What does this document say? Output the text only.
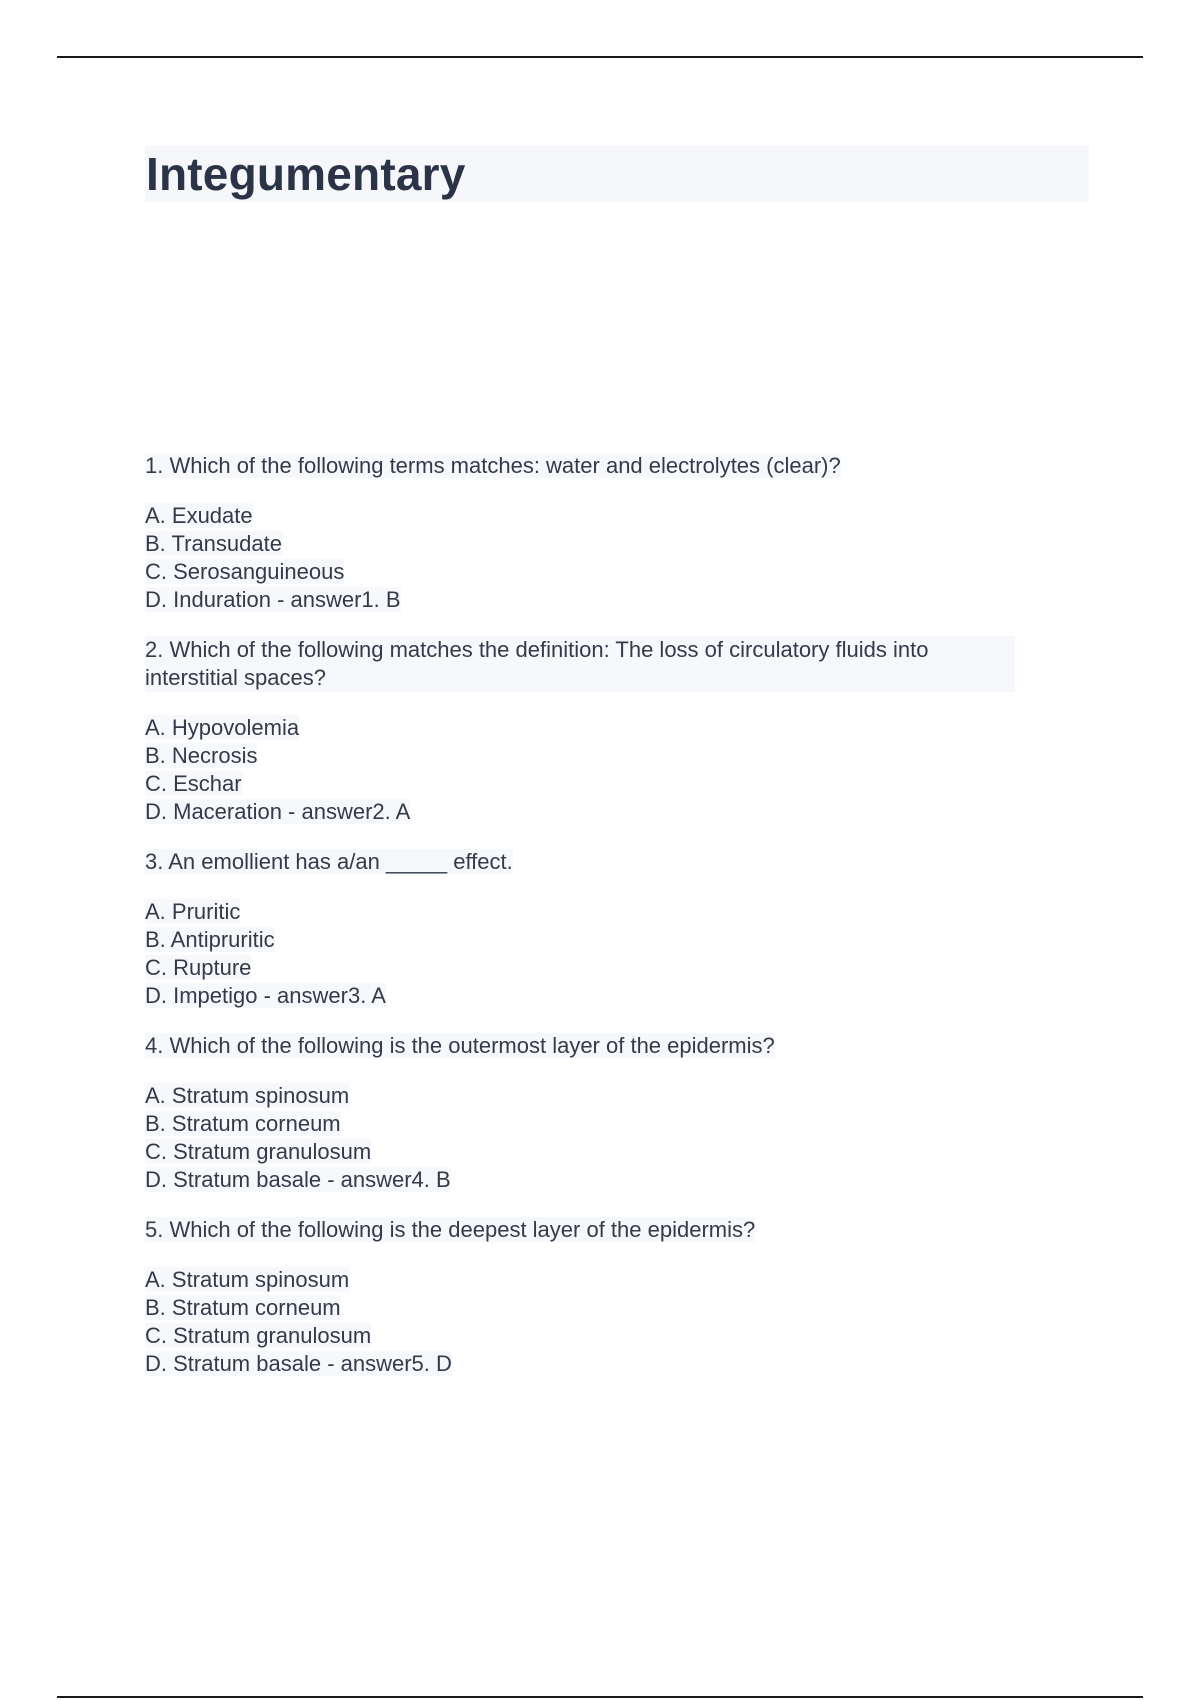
Integumentary

1. Which of the following terms matches: water and electrolytes (clear)?

A. Exudate
B. Transudate
C. Serosanguineous
D. Induration - answer1. B

2. Which of the following matches the definition: The loss of circulatory fluids into interstitial spaces?

A. Hypovolemia
B. Necrosis
C. Eschar
D. Maceration - answer2. A

3. An emollient has a/an _____ effect.

A. Pruritic
B. Antipruritic
C. Rupture
D. Impetigo - answer3. A

4. Which of the following is the outermost layer of the epidermis?

A. Stratum spinosum
B. Stratum corneum
C. Stratum granulosum
D. Stratum basale - answer4. B

5. Which of the following is the deepest layer of the epidermis?

A. Stratum spinosum
B. Stratum corneum
C. Stratum granulosum
D. Stratum basale - answer5. D
